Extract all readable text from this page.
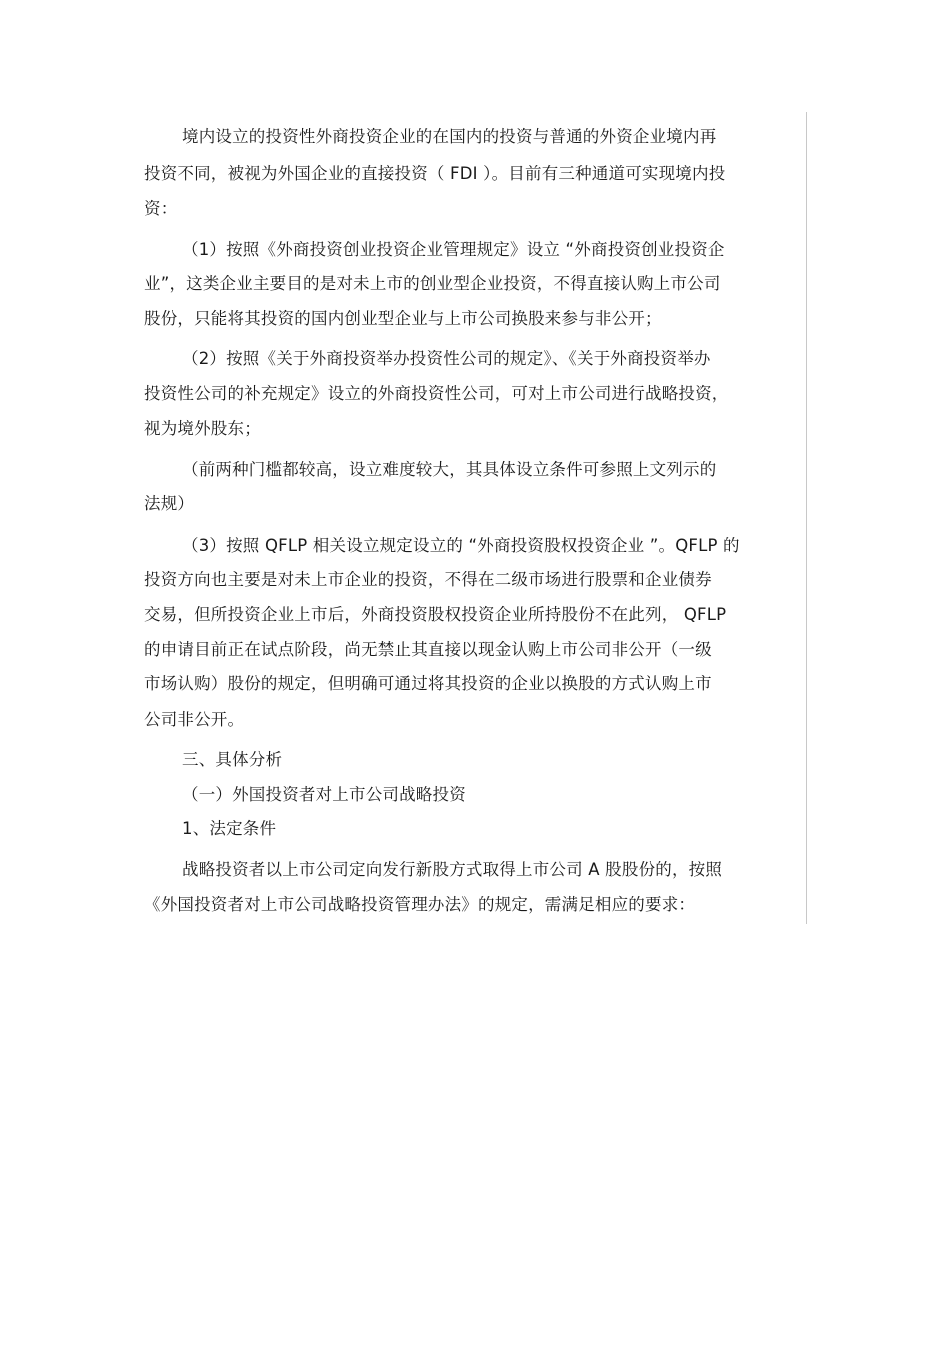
境内设立的投资性外商投资企业的在国内的投资与普通的外资企业境内再
投资不同，被视为外国企业的直接投资（ FDI ）。目前有三种通道可实现境内投
资：
（1）按照《外商投资创业投资企业管理规定》设立 “外商投资创业投资企
业”，这类企业主要目的是对未上市的创业型企业投资，不得直接认购上市公司
股份，只能将其投资的国内创业型企业与上市公司换股来参与非公开；
（2）按照《关于外商投资举办投资性公司的规定》、《关于外商投资举办
投资性公司的补充规定》设立的外商投资性公司，可对上市公司进行战略投资，
视为境外股东；
（前两种门槛都较高，设立难度较大，其具体设立条件可参照上文列示的
法规）
（3）按照 QFLP 相关设立规定设立的 “外商投资股权投资企业 ”。QFLP 的
投资方向也主要是对未上市企业的投资，不得在二级市场进行股票和企业债券
交易，但所投资企业上市后，外商投资股权投资企业所持股份不在此列， QFLP
的申请目前正在试点阶段，尚无禁止其直接以现金认购上市公司非公开（一级
市场认购）股份的规定，但明确可通过将其投资的企业以换股的方式认购上市
公司非公开。
三、具体分析
（一）外国投资者对上市公司战略投资
1、法定条件
战略投资者以上市公司定向发行新股方式取得上市公司 A 股股份的，按照
《外国投资者对上市公司战略投资管理办法》的规定，需满足相应的要求：
